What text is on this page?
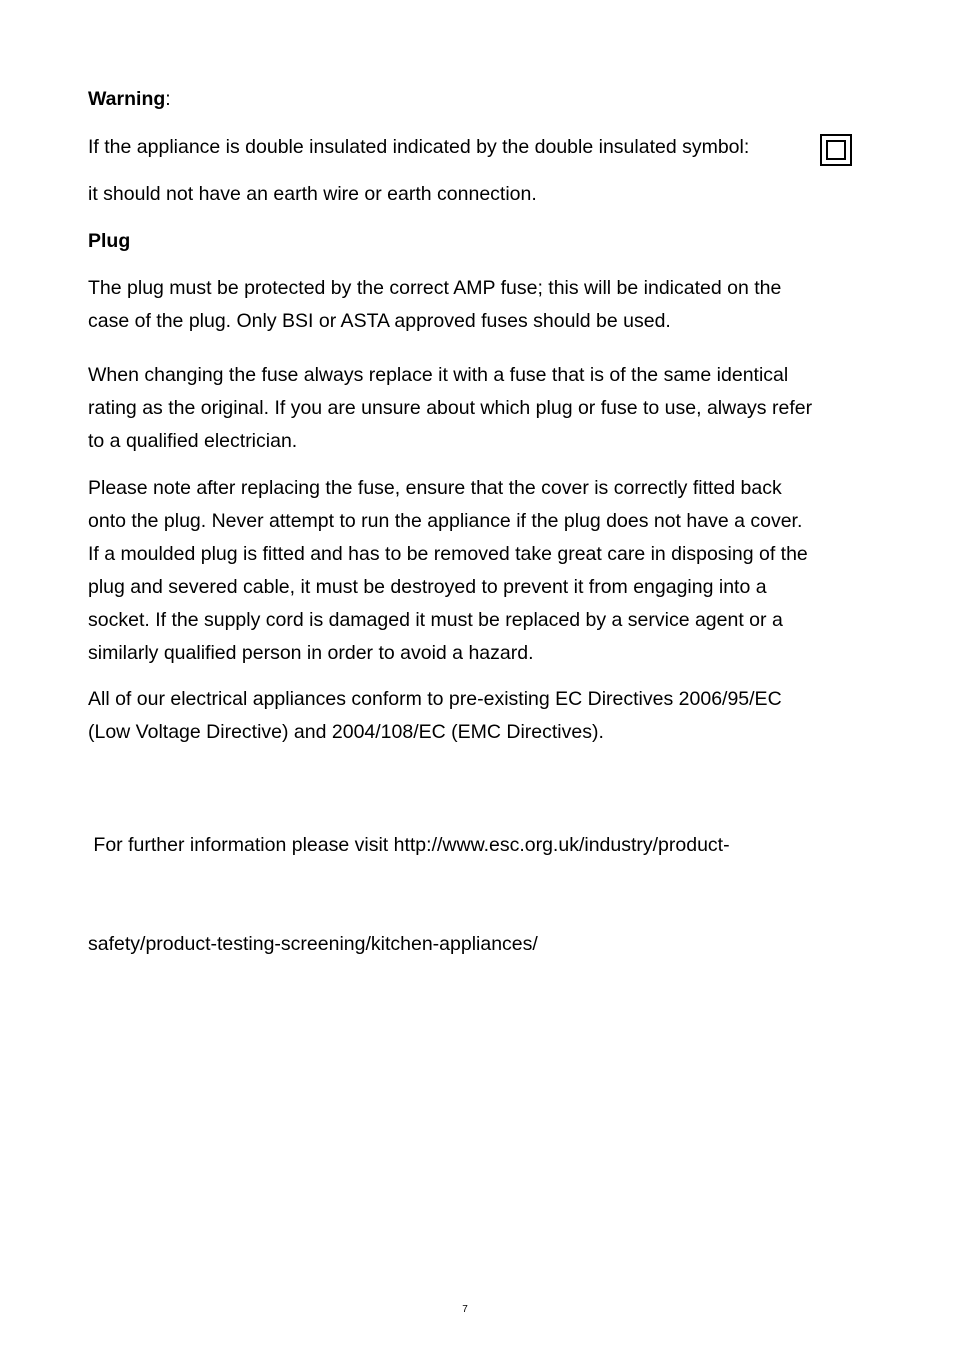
Warning:
If the appliance is double insulated indicated by the double insulated symbol:
it should not have an earth wire or earth connection.
Plug
The plug must be protected by the correct AMP fuse; this will be indicated on the
case of the plug. Only BSI or ASTA approved fuses should be used.
When changing the fuse always replace it with a fuse that is of the same identical
rating as the original. If you are unsure about which plug or fuse to use, always refer
to a qualified electrician.
Please note after replacing the fuse, ensure that the cover is correctly fitted back
onto the plug. Never attempt to run the appliance if the plug does not have a cover.
If a moulded plug is fitted and has to be removed take great care in disposing of the
plug and severed cable, it must be destroyed to prevent it from engaging into a
socket. If the supply cord is damaged it must be replaced by a service agent or a
similarly qualified person in order to avoid a hazard.
All of our electrical appliances conform to pre-existing EC Directives 2006/95/EC
(Low Voltage Directive) and 2004/108/EC (EMC Directives).

For further information please visit http://www.esc.org.uk/industry/product-

safety/product-testing-screening/kitchen-appliances/

7
